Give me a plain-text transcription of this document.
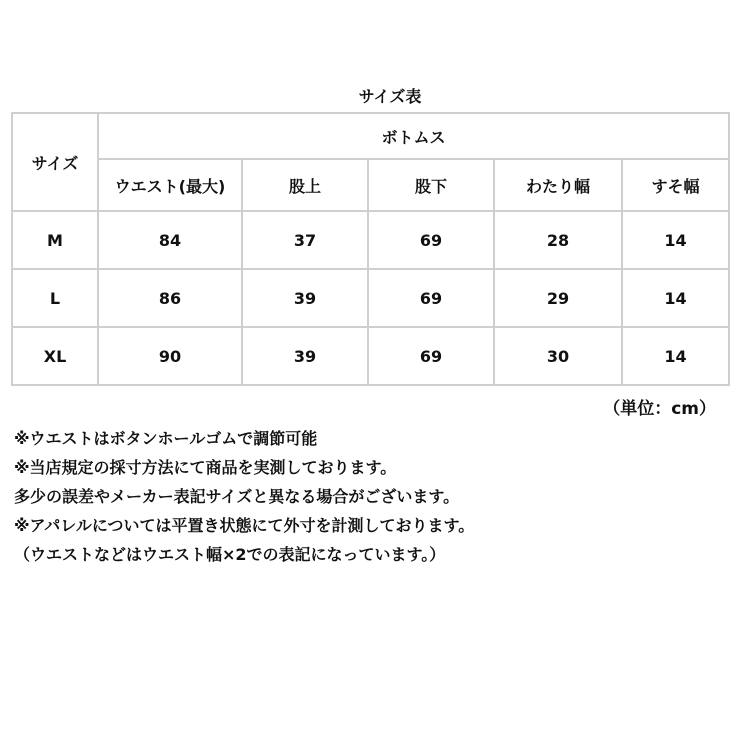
サイズ表
サイズ	ボトムス				
	ウエスト(最大)	股上	股下	わたり幅	すそ幅
M	84	37	69	28	14
L	86	39	69	29	14
XL	90	39	69	30	14
（単位：cm）
※ウエストはボタンホールゴムで調節可能
※当店規定の採寸方法にて商品を実測しております。
多少の誤差やメーカー表記サイズと異なる場合がございます。
※アパレルについては平置き状態にて外寸を計測しております。
（ウエストなどはウエスト幅×2での表記になっています。）
